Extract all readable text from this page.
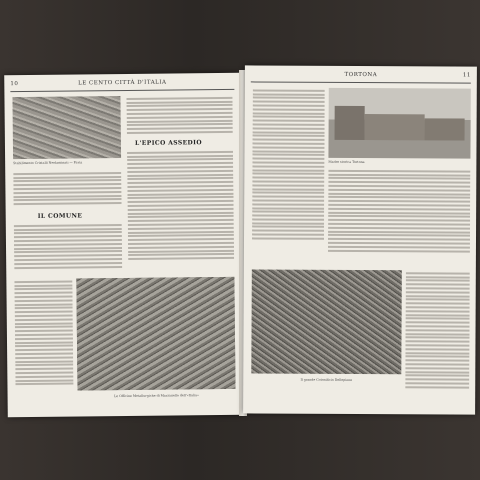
10	LE CENTO CITTÀ D'ITALIA
Stabilimento Cristalli Neolaminati — Pavia
L'EPICO ASSEDIO
IL COMUNE
Le Officine Metallurgiche di Marzanello dell'«Italia»
TORTONA	11
Madre storica Tortona
Il grande Cotonificio Dellepiane
